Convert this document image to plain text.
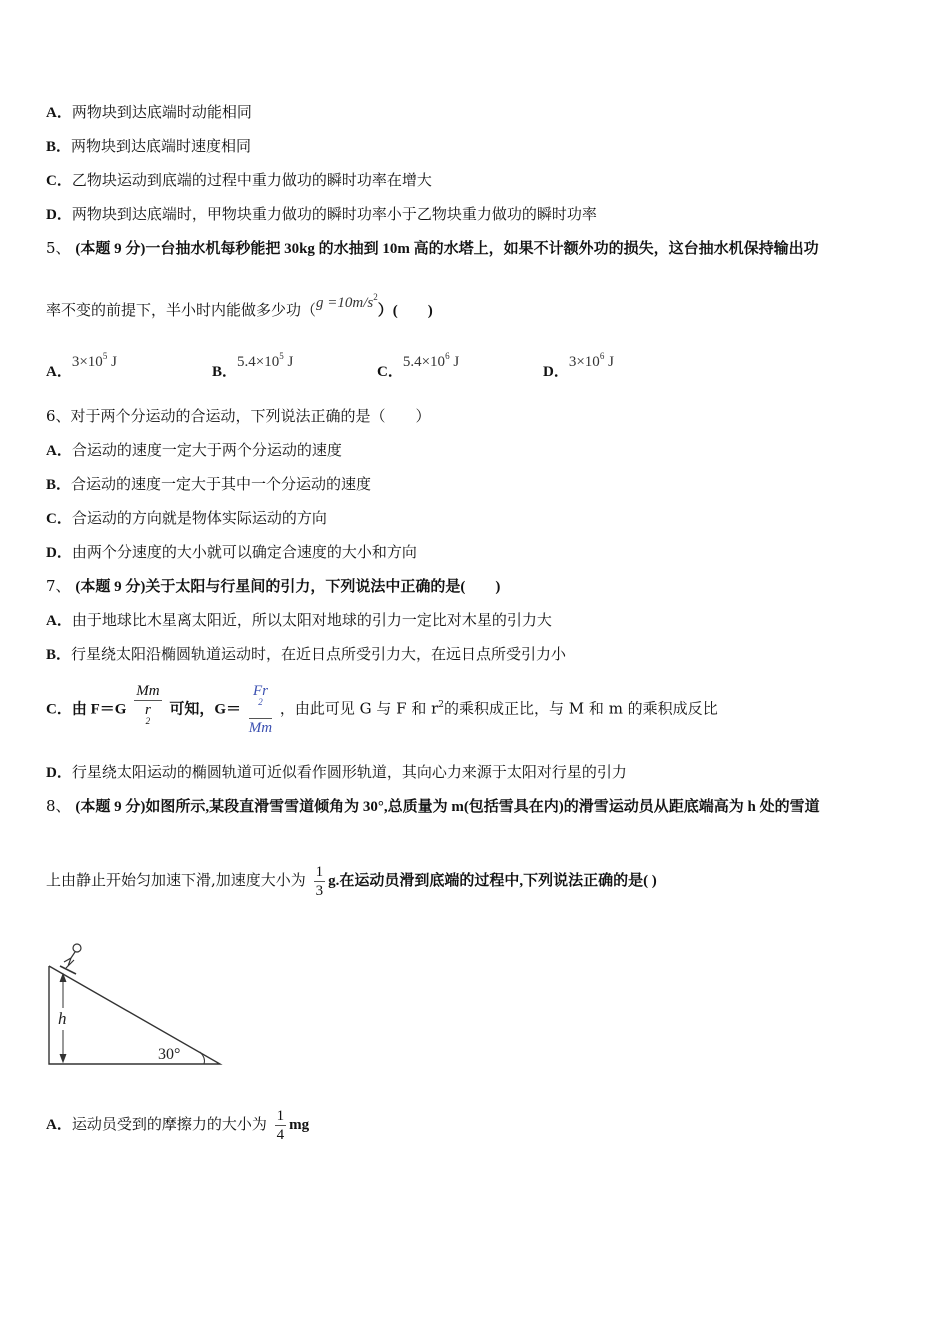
A．两物块到达底端时动能相同
B．两物块到达底端时速度相同
C．乙物块运动到底端的过程中重力做功的瞬时功率在增大
D．两物块到达底端时，甲物块重力做功的瞬时功率小于乙物块重力做功的瞬时功率
5、 (本题 9 分)一台抽水机每秒能把 30kg 的水抽到 10m 高的水塔上，如果不计额外功的损失，这台抽水机保持输出功
率不变的前提下，半小时内能做多少功$(g =10m/s^2)$(　　)
A．$3\times 10^5$ J
B．$5.4\times 10^5$ J
C．$5.4\times 10^6$ J
D．$3\times 10^6$ J
6、对于两个分运动的合运动，下列说法正确的是（　　）
A．合运动的速度一定大于两个分运动的速度
B．合运动的速度一定大于其中一个分运动的速度
C．合运动的方向就是物体实际运动的方向
D．由两个分速度的大小就可以确定合速度的大小和方向
7、 (本题 9 分)关于太阳与行星间的引力，下列说法中正确的是(　　)
A．由于地球比木星离太阳近，所以太阳对地球的引力一定比对木星的引力大
B．行星绕太阳沿椭圆轨道运动时，在近日点所受引力大，在远日点所受引力小
C．由 F＝G Mm
r
2 可知，G＝ Fr
2
Mm ，由此可见 G 与 F 和 $r^2$的乘积成正比，与 M 和 m 的乘积成反比
D．行星绕太阳运动的椭圆轨道可近似看作圆形轨道，其向心力来源于太阳对行星的引力
8、 (本题 9 分)如图所示,某段直滑雪雪道倾角为 30°,总质量为 m(包括雪具在内)的滑雪运动员从距底端高为 h 处的雪道
上由静止开始匀加速下滑,加速度大小为 $\frac{1}{3} g$.在运动员滑到底端的过程中,下列说法正确的是( )
h
30°
A．运动员受到的摩擦力的大小为 $\frac{1}{4}$ mg
